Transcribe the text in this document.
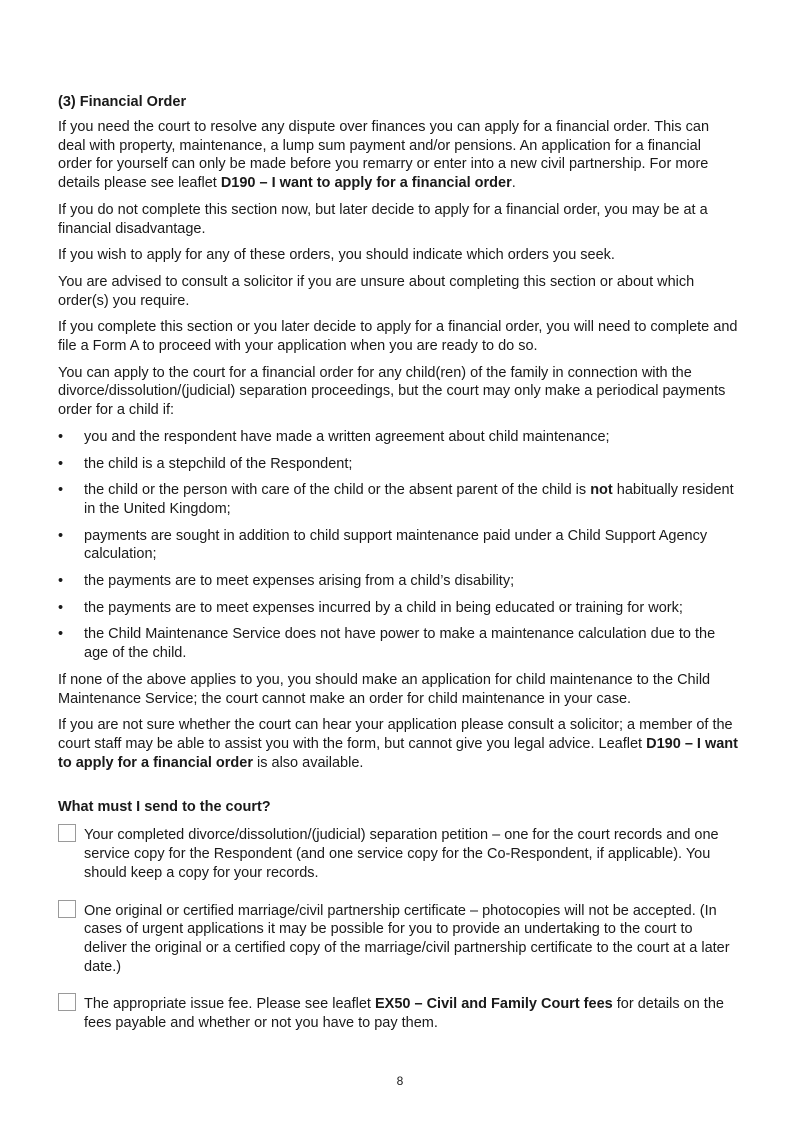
(3) Financial Order

If you need the court to resolve any dispute over finances you can apply for a financial order. This can deal with property, maintenance, a lump sum payment and/or pensions. An application for a financial order for yourself can only be made before you remarry or enter into a new civil partnership. For more details please see leaflet D190 – I want to apply for a financial order.

If you do not complete this section now, but later decide to apply for a financial order, you may be at a financial disadvantage.

If you wish to apply for any of these orders, you should indicate which orders you seek.

You are advised to consult a solicitor if you are unsure about completing this section or about which order(s) you require.

If you complete this section or you later decide to apply for a financial order, you will need to complete and file a Form A to proceed with your application when you are ready to do so.

You can apply to the court for a financial order for any child(ren) of the family in connection with the divorce/dissolution/(judicial) separation proceedings, but the court may only make a periodical payments order for a child if:

• you and the respondent have made a written agreement about child maintenance;
• the child is a stepchild of the Respondent;
• the child or the person with care of the child or the absent parent of the child is not habitually resident in the United Kingdom;
• payments are sought in addition to child support maintenance paid under a Child Support Agency calculation;
• the payments are to meet expenses arising from a child’s disability;
• the payments are to meet expenses incurred by a child in being educated or training for work;
• the Child Maintenance Service does not have power to make a maintenance calculation due to the age of the child.

If none of the above applies to you, you should make an application for child maintenance to the Child Maintenance Service; the court cannot make an order for child maintenance in your case.

If you are not sure whether the court can hear your application please consult a solicitor; a member of the court staff may be able to assist you with the form, but cannot give you legal advice. Leaflet D190 – I want to apply for a financial order is also available.

What must I send to the court?
Your completed divorce/dissolution/(judicial) separation petition – one for the court records and one service copy for the Respondent (and one service copy for the Co-Respondent, if applicable). You should keep a copy for your records.
One original or certified marriage/civil partnership certificate – photocopies will not be accepted. (In cases of urgent applications it may be possible for you to provide an undertaking to the court to deliver the original or a certified copy of the marriage/civil partnership certificate to the court at a later date.)
The appropriate issue fee. Please see leaflet EX50 – Civil and Family Court fees for details on the fees payable and whether or not you have to pay them.
8
